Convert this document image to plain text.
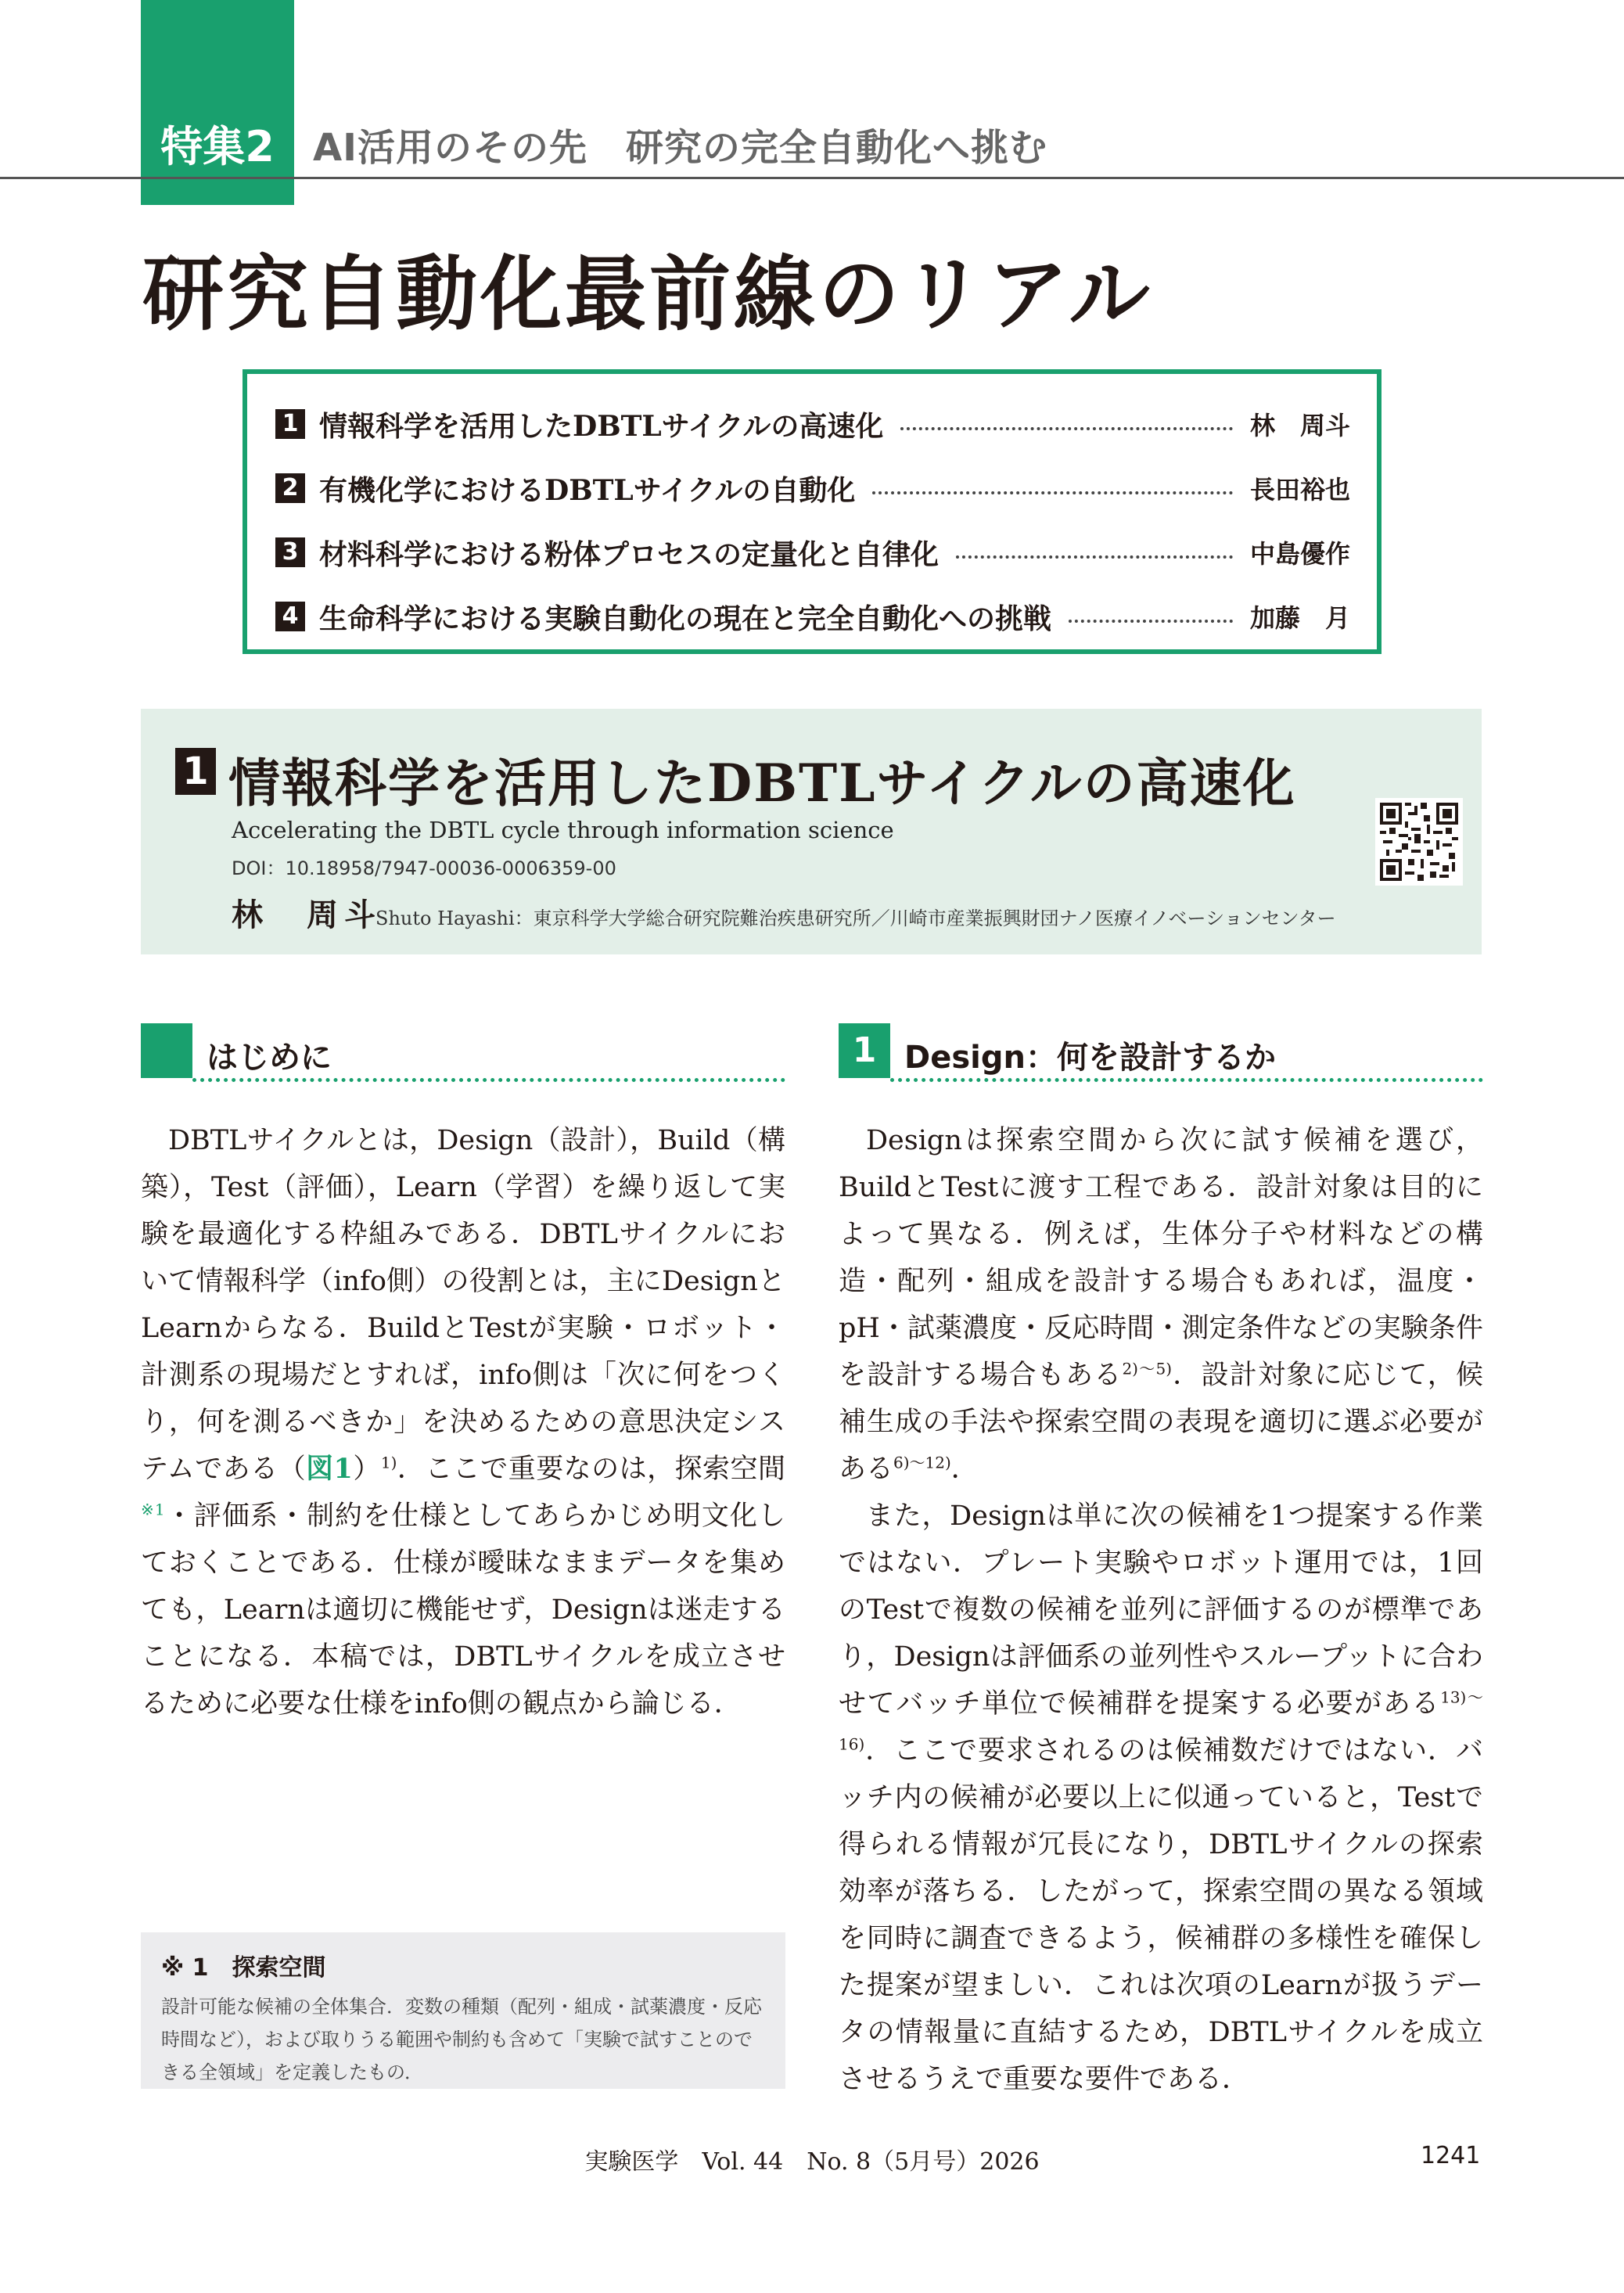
特集2	AI活用のその先　研究の完全自動化へ挑む
研究自動化最前線のリアル
1 情報科学を活用したDBTLサイクルの高速化	林　周斗
2 有機化学におけるDBTLサイクルの自動化	長田裕也
3 材料科学における粉体プロセスの定量化と自律化	中島優作
4 生命科学における実験自動化の現在と完全自動化への挑戦	加藤　月
1 情報科学を活用したDBTLサイクルの高速化
Accelerating the DBTL cycle through information science
DOI：10.18958/7947-00036-0006359-00
林　周斗
Shuto Hayashi：東京科学大学総合研究院難治疾患研究所／川崎市産業振興財団ナノ医療イノベーションセンター
はじめに

DBTLサイクルとは，Design（設計），Build（構築），Test（評価），Learn（学習）を繰り返して実験を最適化する枠組みである．DBTLサイクルにおいて情報科学（info側）の役割とは，主にDesignとLearnからなる．BuildとTestが実験・ロボット・計測系の現場だとすれば，info側は「次に何をつくり，何を測るべきか」を決めるための意思決定システムである（図1）$^{1)}$．ここで重要なのは，探索空間$^{※1}$・評価系・制約を仕様としてあらかじめ明文化しておくことである．仕様が曖昧なままデータを集めても，Learnは適切に機能せず，Designは迷走することになる．本稿では，DBTLサイクルを成立させるために必要な仕様をinfo側の観点から論じる．

※ 1　探索空間
設計可能な候補の全体集合．変数の種類（配列・組成・試薬濃度・反応時間など），および取りうる範囲や制約も含めて「実験で試すことのできる全領域」を定義したもの．
1 Design：何を設計するか

Designは探索空間から次に試す候補を選び，BuildとTestに渡す工程である．設計対象は目的によって異なる．例えば，生体分子や材料などの構造・配列・組成を設計する場合もあれば，温度・pH・試薬濃度・反応時間・測定条件などの実験条件を設計する場合もある$^{2)\sim 5)}$．設計対象に応じて，候補生成の手法や探索空間の表現を適切に選ぶ必要がある$^{6)\sim 12)}$．

また，Designは単に次の候補を1つ提案する作業ではない．プレート実験やロボット運用では，1回のTestで複数の候補を並列に評価するのが標準であり，Designは評価系の並列性やスループットに合わせてバッチ単位で候補群を提案する必要がある$^{13)\sim 16)}$．ここで要求されるのは候補数だけではない．バッチ内の候補が必要以上に似通っていると，Testで得られる情報が冗長になり，DBTLサイクルの探索効率が落ちる．したがって，探索空間の異なる領域を同時に調査できるよう，候補群の多様性を確保した提案が望ましい．これは次項のLearnが扱うデータの情報量に直結するため，DBTLサイクルを成立させるうえで重要な要件である．

実験医学　Vol. 44　No. 8（5月号）2026	1241
